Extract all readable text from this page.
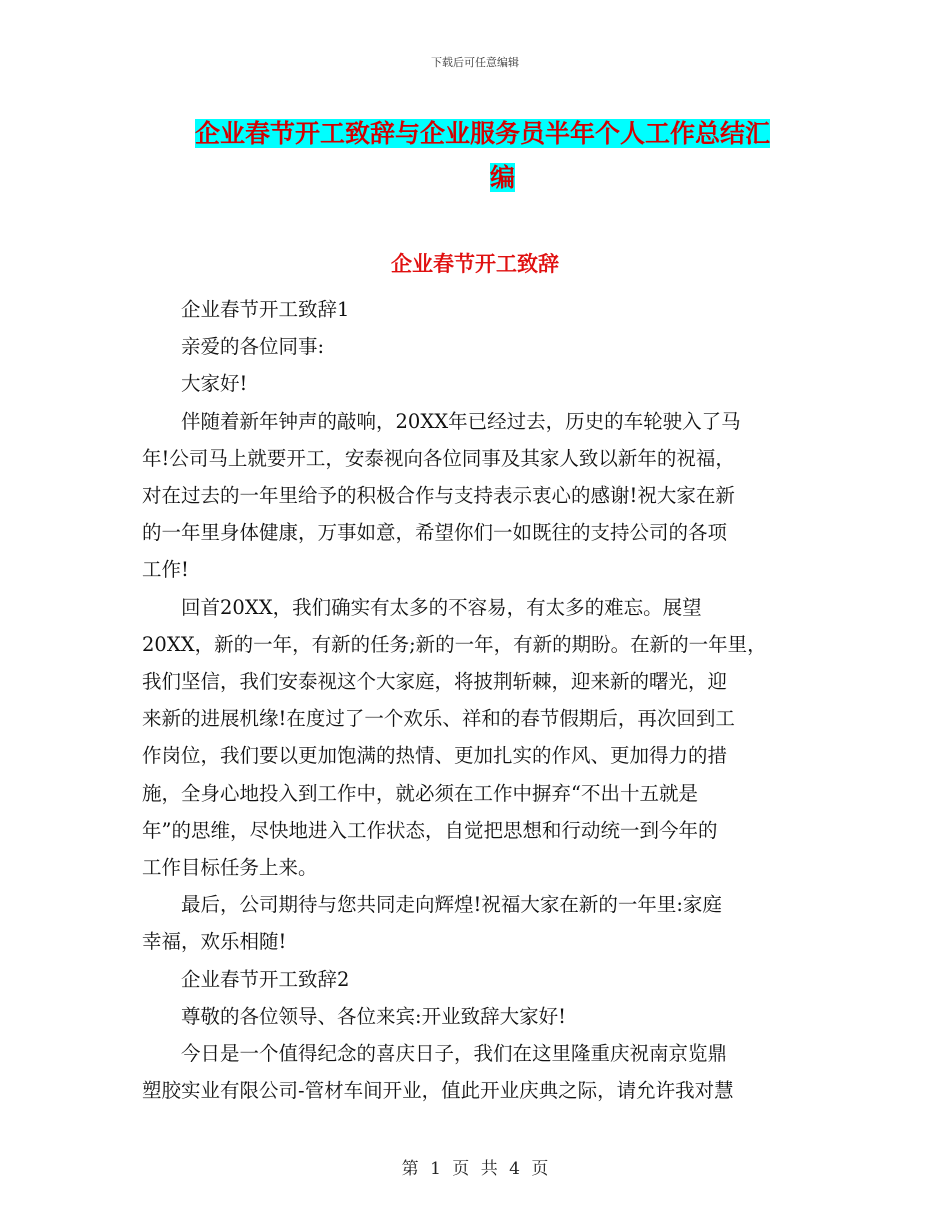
下载后可任意编辑
企业春节开工致辞与企业服务员半年个人工作总结汇
编
企业春节开工致辞

企业春节开工致辞1

亲爱的各位同事:

大家好!

伴随着新年钟声的敲响，20XX年已经过去，历史的车轮驶入了马
年!公司马上就要开工，安泰视向各位同事及其家人致以新年的祝福，
对在过去的一年里给予的积极合作与支持表示衷心的感谢!祝大家在新
的一年里身体健康，万事如意，希望你们一如既往的支持公司的各项
工作!

回首20XX，我们确实有太多的不容易，有太多的难忘。展望
20XX，新的一年，有新的任务;新的一年，有新的期盼。在新的一年里，
我们坚信，我们安泰视这个大家庭，将披荆斩棘，迎来新的曙光，迎
来新的进展机缘!在度过了一个欢乐、祥和的春节假期后，再次回到工
作岗位，我们要以更加饱满的热情、更加扎实的作风、更加得力的措
施，全身心地投入到工作中，就必须在工作中摒弃“不出十五就是
年”的思维，尽快地进入工作状态，自觉把思想和行动统一到今年的
工作目标任务上来。

最后，公司期待与您共同走向辉煌!祝福大家在新的一年里:家庭
幸福，欢乐相随!

企业春节开工致辞2

尊敬的各位领导、各位来宾:开业致辞大家好!

今日是一个值得纪念的喜庆日子，我们在这里隆重庆祝南京览鼎
塑胶实业有限公司-管材车间开业，值此开业庆典之际，请允许我对慧

第 1 页 共 4 页
